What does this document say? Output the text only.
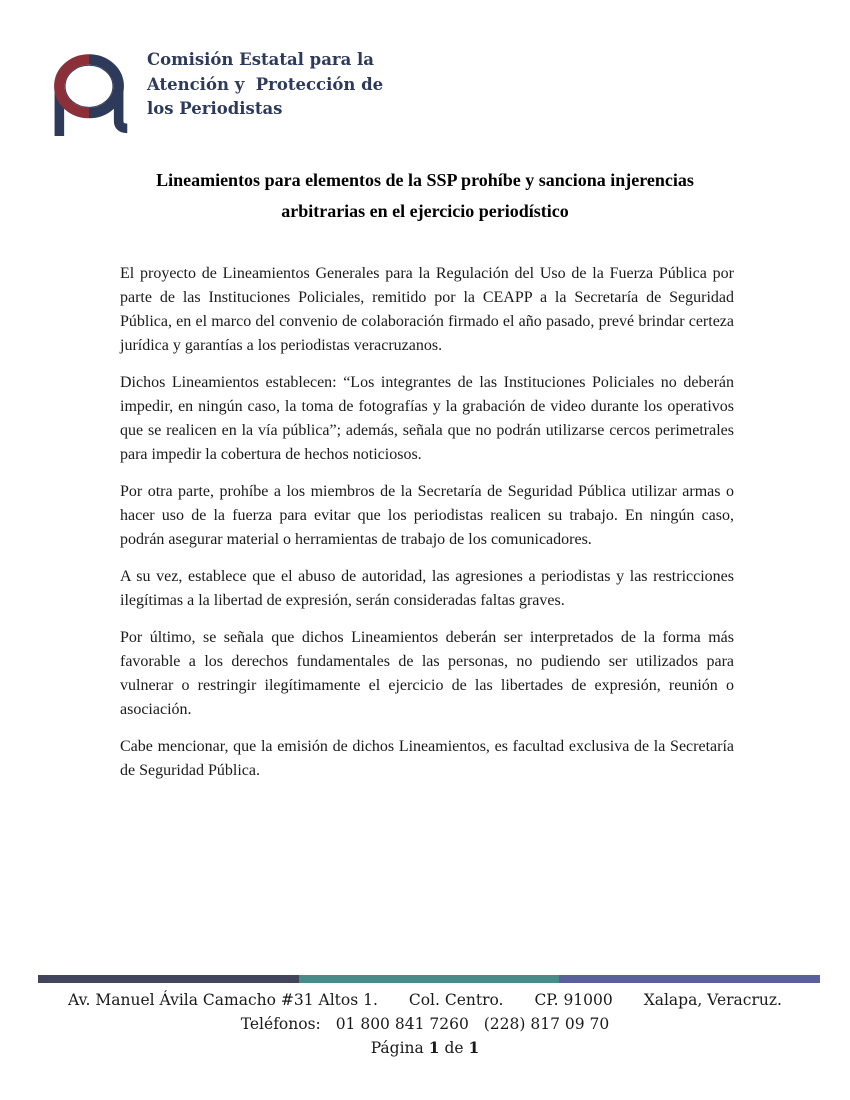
Comisión Estatal para la
Atención y  Protección de
los Periodistas
Lineamientos para elementos de la SSP prohíbe y sanciona injerencias
arbitrarias en el ejercicio periodístico

El proyecto de Lineamientos Generales para la Regulación del Uso de la Fuerza Pública por parte de las Instituciones Policiales, remitido por la CEAPP a la Secretaría de Seguridad Pública, en el marco del convenio de colaboración firmado el año pasado, prevé brindar certeza jurídica y garantías a los periodistas veracruzanos.

Dichos Lineamientos establecen: “Los integrantes de las Instituciones Policiales no deberán impedir, en ningún caso, la toma de fotografías y la grabación de video durante los operativos que se realicen en la vía pública”; además, señala que no podrán utilizarse cercos perimetrales para impedir la cobertura de hechos noticiosos.

Por otra parte, prohíbe a los miembros de la Secretaría de Seguridad Pública utilizar armas o hacer uso de la fuerza para evitar que los periodistas realicen su trabajo. En ningún caso, podrán asegurar material o herramientas de trabajo de los comunicadores.

A su vez, establece que el abuso de autoridad, las agresiones a periodistas y las restricciones ilegítimas a la libertad de expresión, serán consideradas faltas graves.

Por último, se señala que dichos Lineamientos deberán ser interpretados de la forma más favorable a los derechos fundamentales de las personas, no pudiendo ser utilizados para vulnerar o restringir ilegítimamente el ejercicio de las libertades de expresión, reunión o asociación.

Cabe mencionar, que la emisión de dichos Lineamientos, es facultad exclusiva de la Secretaría de Seguridad Pública.

Av. Manuel Ávila Camacho #31 Altos 1. Col. Centro. CP. 91000 Xalapa, Veracruz.
Teléfonos: 01 800 841 7260 (228) 817 09 70
Página 1 de 1
